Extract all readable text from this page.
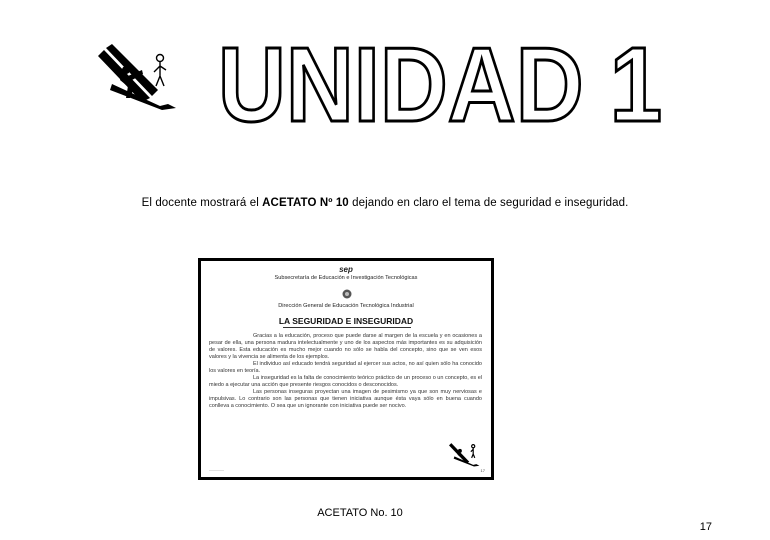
UNIDAD 1
El docente mostrará el ACETATO Nº 10 dejando en claro el tema de seguridad e inseguridad.
sep
Subsecretaría de Educación e Investigación Tecnológicas
Dirección General de Educación Tecnológica Industrial
LA SEGURIDAD E INSEGURIDAD

Gracias a la educación, proceso que puede darse al margen de la escuela y en ocasiones a pesar de ella, una persona madura intelectualmente y uno de los aspectos más importantes es su adquisición de valores. Esta educación es mucho mejor cuando no sólo se habla del concepto, sino que se ven esos valores y la vivencia se alimenta de los ejemplos.

El individuo así educado tendrá seguridad al ejercer sus actos, no así quien sólo ha conocido los valores en teoría.

La inseguridad es la falta de conocimiento teórico práctico de un proceso o un concepto, es el miedo a ejecutar una acción que presente riesgos conocidos o desconocidos.

Las personas inseguras proyectan una imagen de pesimismo ya que son muy nerviosas e impulsivas. Lo contrario son las personas que tienen iniciativa aunque ésta vaya sólo en buena cuando conlleva a conocimiento. O sea que un ignorante con iniciativa puede ser nocivo.

—————	17
ACETATO No. 10
17
